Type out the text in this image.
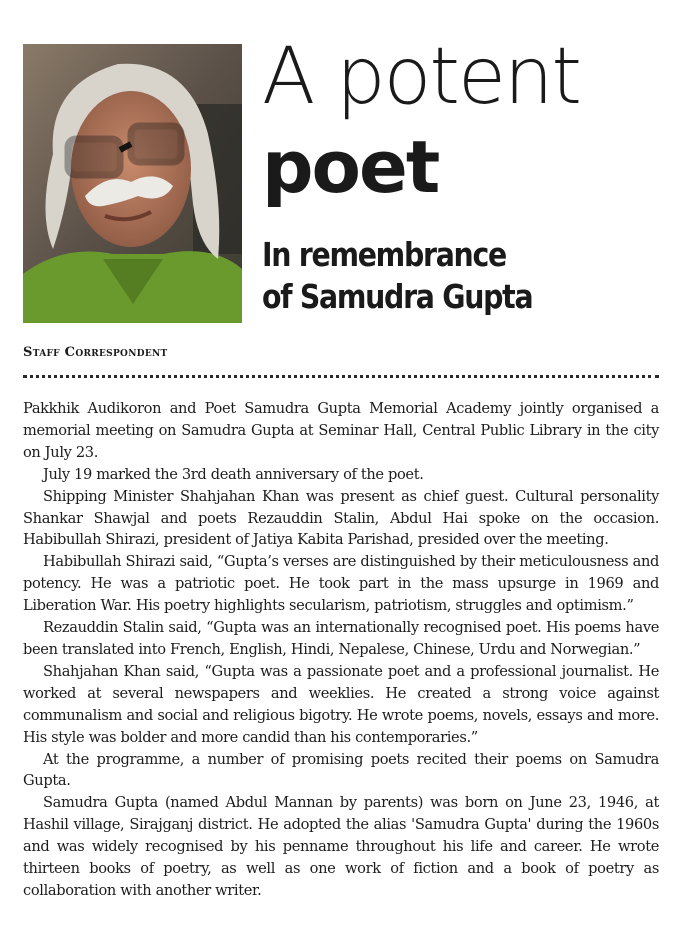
A potent
poet
In remembrance
of Samudra Gupta
Staff Correspondent

Pakkhik Audikoron and Poet Samudra Gupta Memorial Academy jointly organised a memorial meeting on Samudra Gupta at Seminar Hall, Central Public Library in the city on July 23.

July 19 marked the 3rd death anniversary of the poet.

Shipping Minister Shahjahan Khan was present as chief guest. Cultural personality Shankar Shawjal and poets Rezauddin Stalin, Abdul Hai spoke on the occasion. Habibullah Shirazi, president of Jatiya Kabita Parishad, presided over the meeting.

Habibullah Shirazi said, “Gupta’s verses are distinguished by their meticulousness and potency. He was a patriotic poet. He took part in the mass upsurge in 1969 and Liberation War. His poetry highlights secularism, patriotism, struggles and optimism.”

Rezauddin Stalin said, “Gupta was an internationally recognised poet. His poems have been translated into French, English, Hindi, Nepalese, Chinese, Urdu and Norwegian.”

Shahjahan Khan said, “Gupta was a passionate poet and a professional journalist. He worked at several newspapers and weeklies. He created a strong voice against communalism and social and religious bigotry. He wrote poems, novels, essays and more. His style was bolder and more candid than his contemporaries.”

At the programme, a number of promising poets recited their poems on Samudra Gupta.

Samudra Gupta (named Abdul Mannan by parents) was born on June 23, 1946, at Hashil village, Sirajganj district. He adopted the alias 'Samudra Gupta' during the 1960s and was widely recognised by his penname throughout his life and career. He wrote thirteen books of poetry, as well as one work of fiction and a book of poetry as collaboration with another writer.
